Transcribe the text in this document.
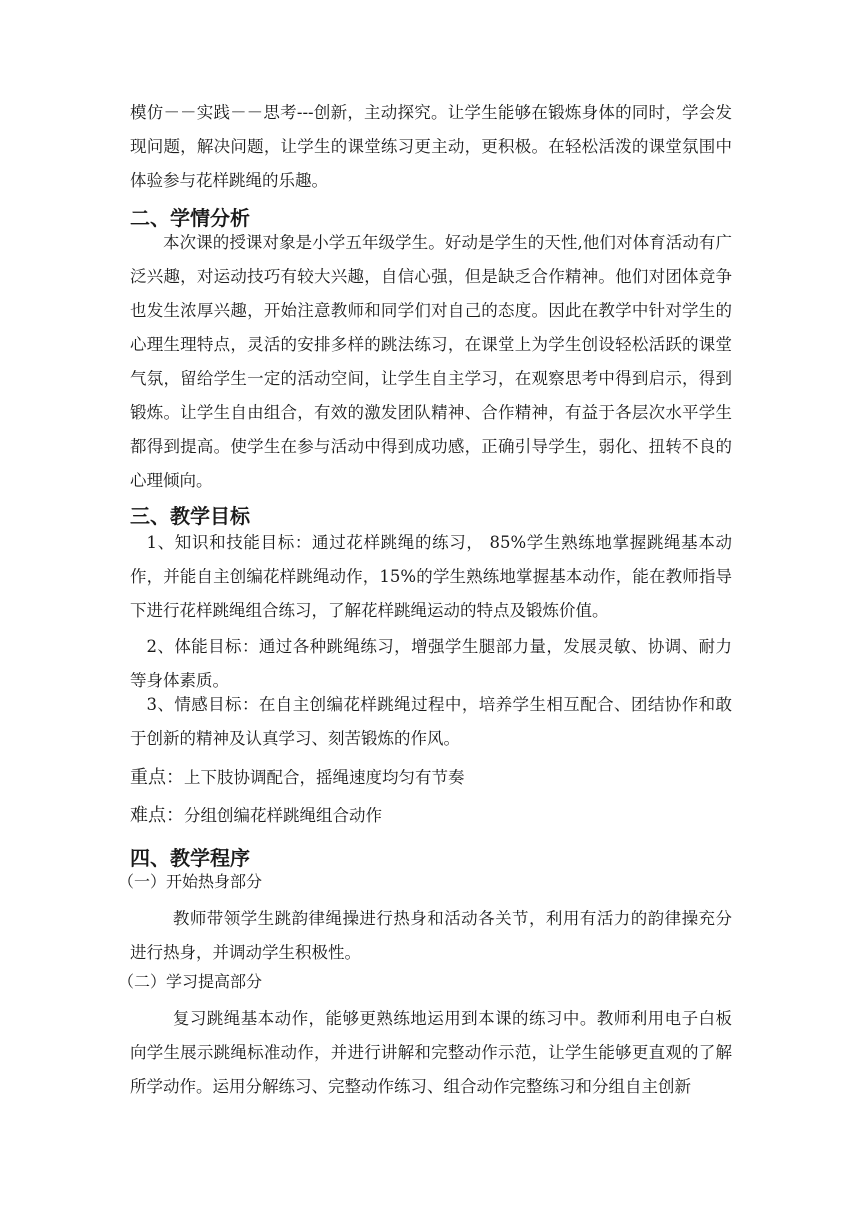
模仿－－实践－－思考---创新，主动探究。让学生能够在锻炼身体的同时，学会发现问题，解决问题，让学生的课堂练习更主动，更积极。在轻松活泼的课堂氛围中体验参与花样跳绳的乐趣。

二、学情分析

本次课的授课对象是小学五年级学生。好动是学生的天性,他们对体育活动有广泛兴趣，对运动技巧有较大兴趣，自信心强，但是缺乏合作精神。他们对团体竞争也发生浓厚兴趣，开始注意教师和同学们对自己的态度。因此在教学中针对学生的心理生理特点，灵活的安排多样的跳法练习，在课堂上为学生创设轻松活跃的课堂气氛，留给学生一定的活动空间，让学生自主学习，在观察思考中得到启示，得到锻炼。让学生自由组合，有效的激发团队精神、合作精神，有益于各层次水平学生都得到提高。使学生在参与活动中得到成功感，正确引导学生，弱化、扭转不良的心理倾向。

三、教学目标

1、知识和技能目标：通过花样跳绳的练习， 85%学生熟练地掌握跳绳基本动作，并能自主创编花样跳绳动作，15%的学生熟练地掌握基本动作，能在教师指导下进行花样跳绳组合练习，了解花样跳绳运动的特点及锻炼价值。

2、体能目标：通过各种跳绳练习，增强学生腿部力量，发展灵敏、协调、耐力等身体素质。

3、情感目标：在自主创编花样跳绳过程中，培养学生相互配合、团结协作和敢于创新的精神及认真学习、刻苦锻炼的作风。

重点：上下肢协调配合，摇绳速度均匀有节奏

难点：分组创编花样跳绳组合动作

四、教学程序

（一）开始热身部分

教师带领学生跳韵律绳操进行热身和活动各关节，利用有活力的韵律操充分进行热身，并调动学生积极性。

（二）学习提高部分

复习跳绳基本动作，能够更熟练地运用到本课的练习中。教师利用电子白板向学生展示跳绳标准动作，并进行讲解和完整动作示范，让学生能够更直观的了解所学动作。运用分解练习、完整动作练习、组合动作完整练习和分组自主创新
